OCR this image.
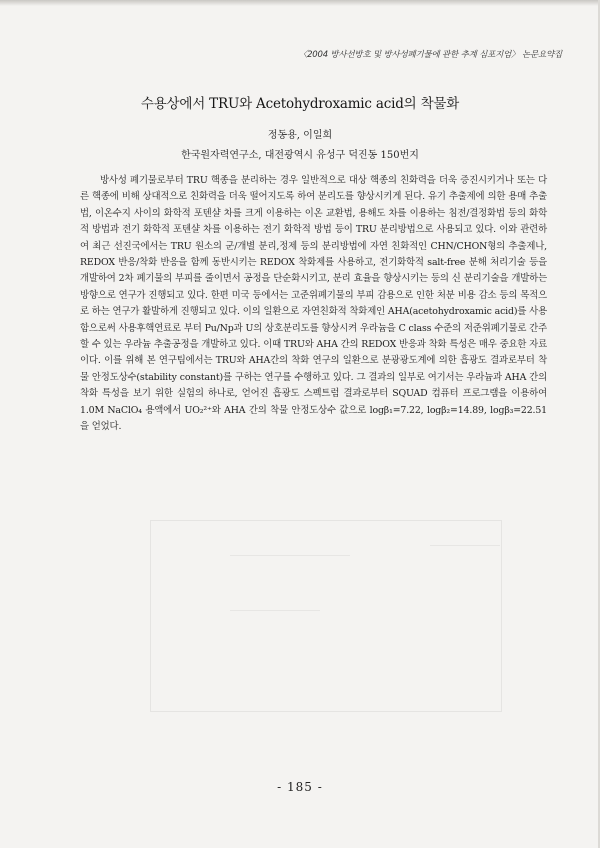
〈2004 방사선방호 및 방사성폐기물에 관한 추계 심포지엄〉 논문요약집
수용상에서 TRU와 Acetohydroxamic acid의 착물화
정동용, 이일희
한국원자력연구소, 대전광역시 유성구 덕진동 150번지

방사성 폐기물로부터 TRU 핵종을 분리하는 경우 일반적으로 대상 핵종의 친화력을 더욱 증진시키거나 또는 다른 핵종에 비해 상대적으로 친화력을 더욱 떨어지도록 하여 분리도를 향상시키게 된다. 유기 추출제에 의한 용매 추출법, 이온수지 사이의 화학적 포텐샬 차를 크게 이용하는 이온 교환법, 용해도 차를 이용하는 침전/결정화법 등의 화학적 방법과 전기 화학적 포텐샬 차를 이용하는 전기 화학적 방법 등이 TRU 분리방법으로 사용되고 있다. 이와 관련하여 최근 선진국에서는 TRU 원소의 군/개별 분리,정제 등의 분리방법에 자연 친화적인 CHN/CHON형의 추출제나, REDOX 반응/착화 반응을 함께 동반시키는 REDOX 착화제를 사용하고, 전기화학적 salt-free 분해 처리기술 등을 개발하여 2차 폐기물의 부피를 줄이면서 공정을 단순화시키고, 분리 효율을 향상시키는 등의 신 분리기술을 개발하는 방향으로 연구가 진행되고 있다. 한편 미국 등에서는 고준위폐기물의 부피 감용으로 인한 처분 비용 감소 등의 목적으로 하는 연구가 활발하게 진행되고 있다. 이의 일환으로 자연친화적 착화제인 AHA(acetohydroxamic acid)를 사용함으로써 사용후핵연료로 부터 Pu/Np과 U의 상호분리도를 향상시켜 우라늄을 C class 수준의 저준위폐기물로 간주할 수 있는 우라늄 추출공정을 개발하고 있다. 이때 TRU와 AHA 간의 REDOX 반응과 착화 특성은 매우 중요한 자료이다. 이를 위해 본 연구팀에서는 TRU와 AHA간의 착화 연구의 일환으로 분광광도계에 의한 흡광도 결과로부터 착물 안정도상수(stability constant)를 구하는 연구를 수행하고 있다. 그 결과의 일부로 여기서는 우라늄과 AHA 간의 착화 특성을 보기 위한 실험의 하나로, 얻어진 흡광도 스펙트럼 결과로부터 SQUAD 컴퓨터 프로그램을 이용하여 1.0M NaClO₄ 용액에서 UO₂²⁺와 AHA 간의 착물 안정도상수 값으로 logβ₁=7.22, logβ₂=14.89, logβ₃=22.51 을 얻었다.

- 185 -
